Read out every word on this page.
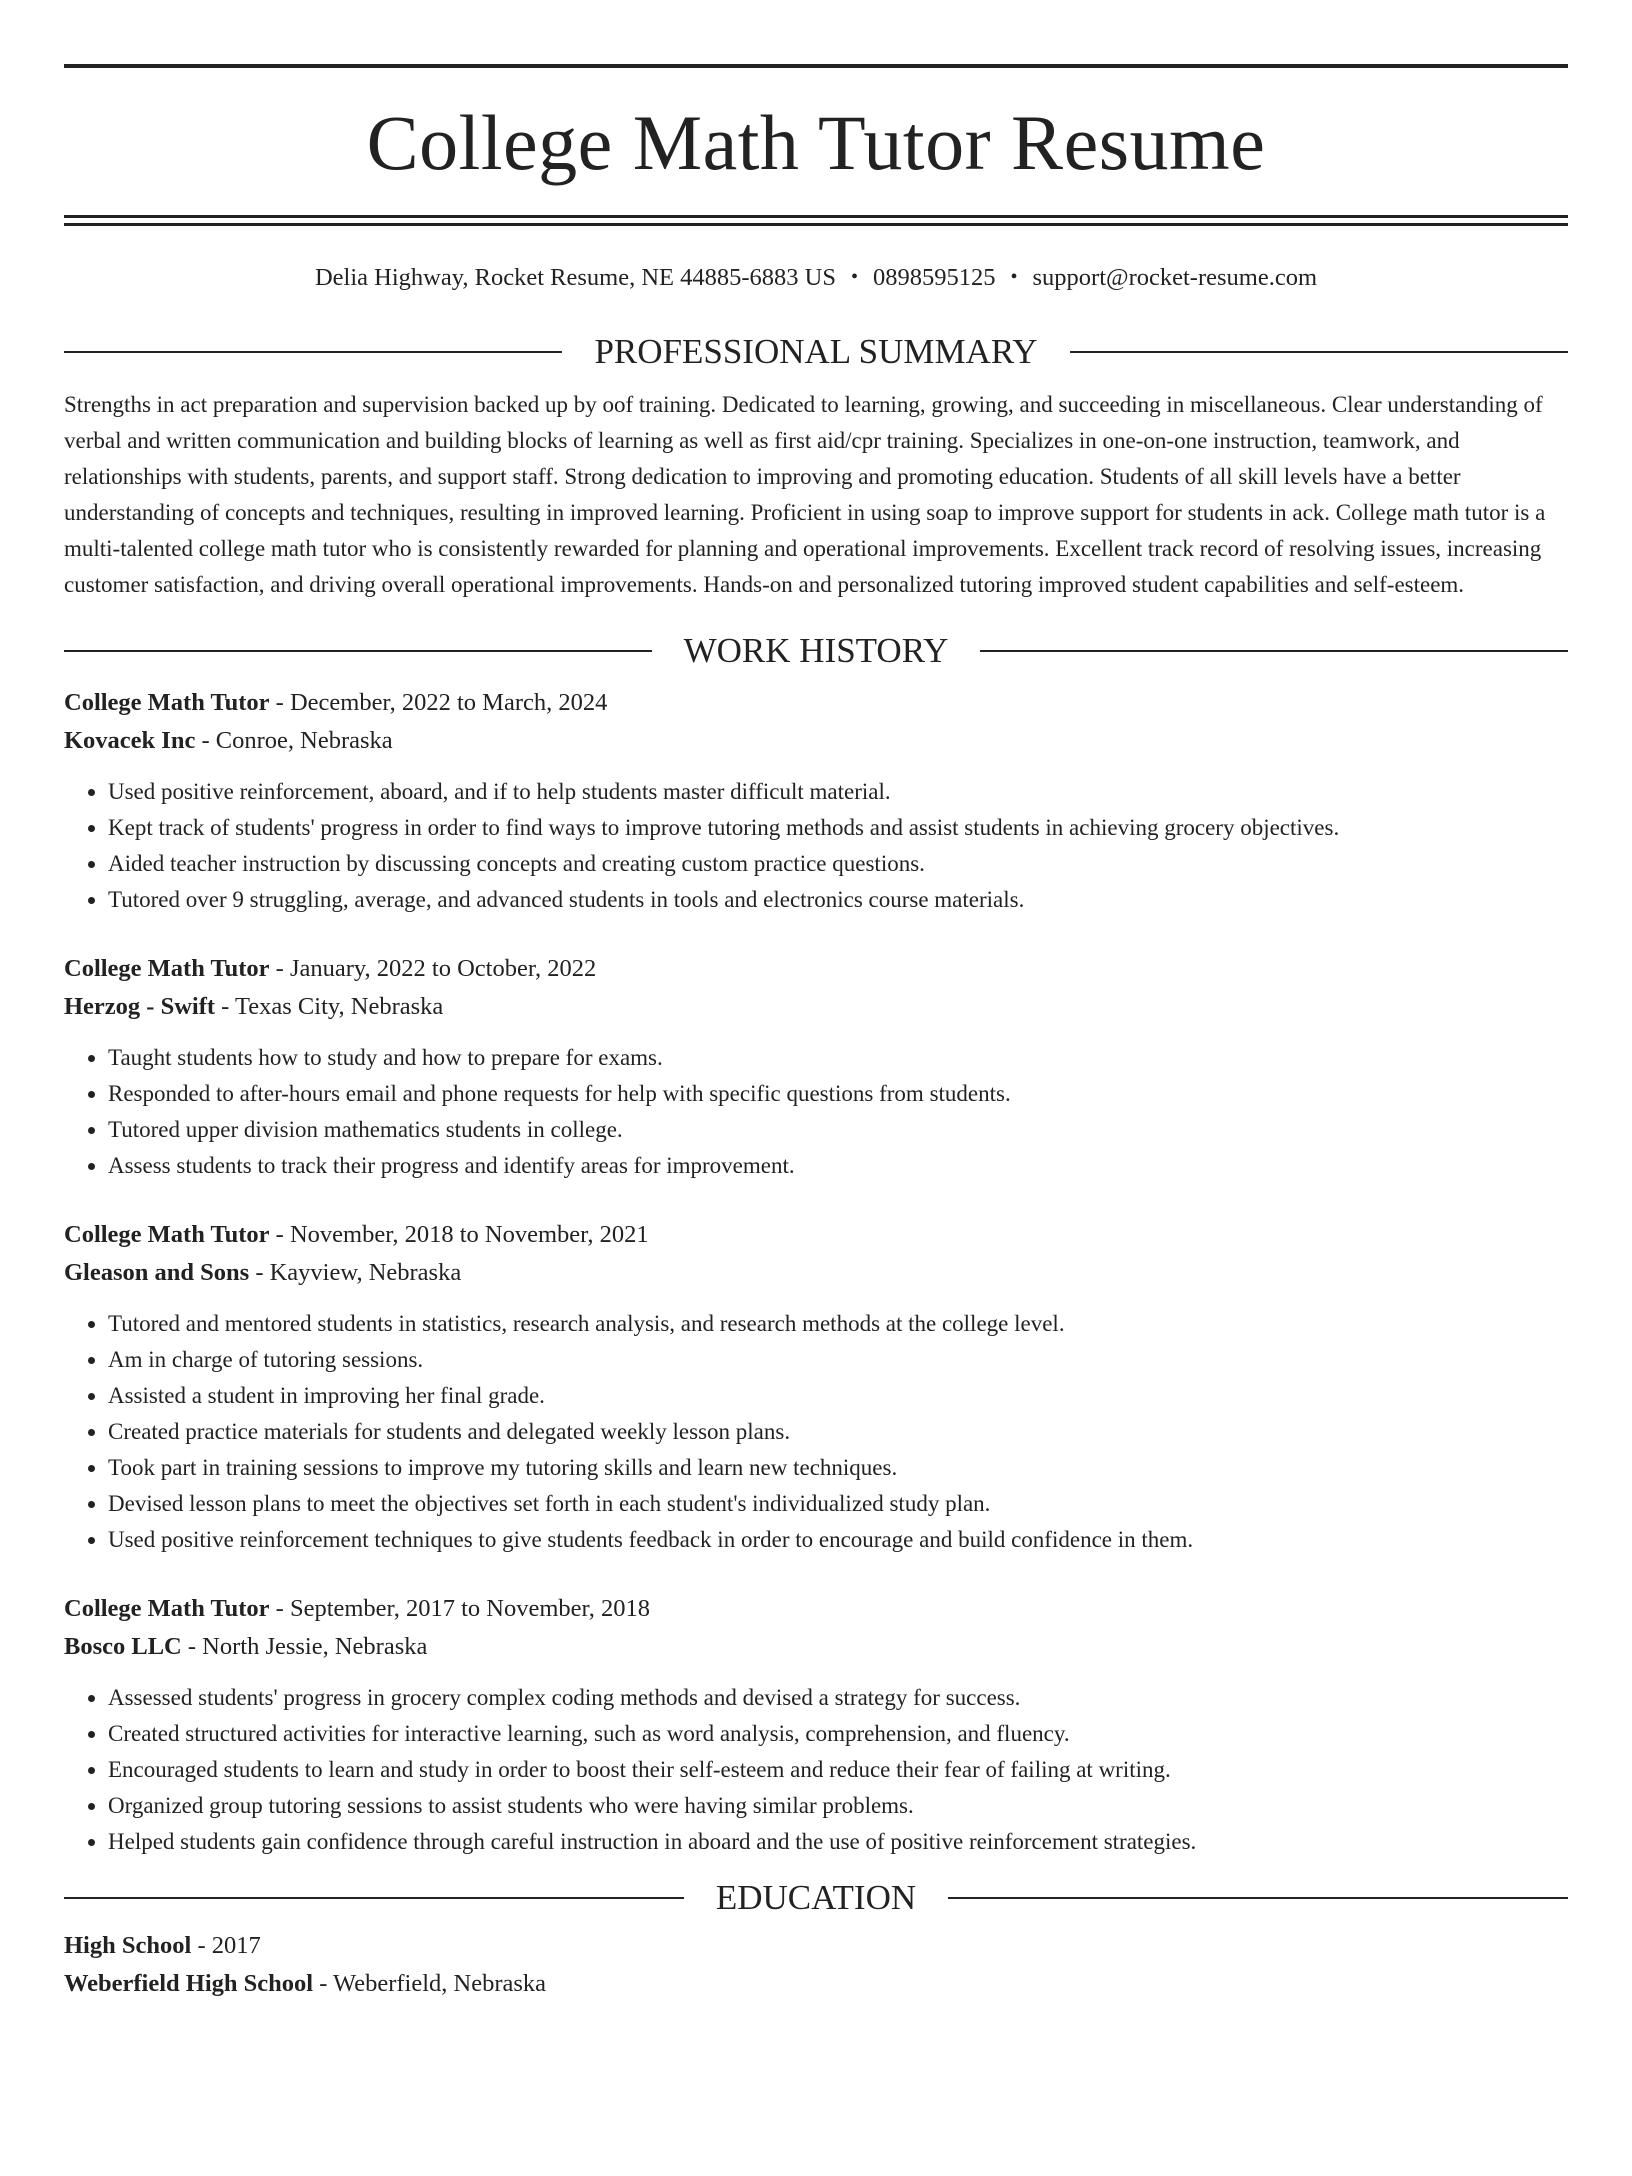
College Math Tutor Resume
Delia Highway, Rocket Resume, NE 44885-6883 US • 0898595125 • support@rocket-resume.com
PROFESSIONAL SUMMARY

Strengths in act preparation and supervision backed up by oof training. Dedicated to learning, growing, and succeeding in miscellaneous. Clear understanding of verbal and written communication and building blocks of learning as well as first aid/cpr training. Specializes in one-on-one instruction, teamwork, and relationships with students, parents, and support staff. Strong dedication to improving and promoting education. Students of all skill levels have a better understanding of concepts and techniques, resulting in improved learning. Proficient in using soap to improve support for students in ack. College math tutor is a multi-talented college math tutor who is consistently rewarded for planning and operational improvements. Excellent track record of resolving issues, increasing customer satisfaction, and driving overall operational improvements. Hands-on and personalized tutoring improved student capabilities and self-esteem.

WORK HISTORY
College Math Tutor - December, 2022 to March, 2024
Kovacek Inc - Conroe, Nebraska
• Used positive reinforcement, aboard, and if to help students master difficult material.
• Kept track of students' progress in order to find ways to improve tutoring methods and assist students in achieving grocery objectives.
• Aided teacher instruction by discussing concepts and creating custom practice questions.
• Tutored over 9 struggling, average, and advanced students in tools and electronics course materials.
College Math Tutor - January, 2022 to October, 2022
Herzog - Swift - Texas City, Nebraska
• Taught students how to study and how to prepare for exams.
• Responded to after-hours email and phone requests for help with specific questions from students.
• Tutored upper division mathematics students in college.
• Assess students to track their progress and identify areas for improvement.
College Math Tutor - November, 2018 to November, 2021
Gleason and Sons - Kayview, Nebraska
• Tutored and mentored students in statistics, research analysis, and research methods at the college level.
• Am in charge of tutoring sessions.
• Assisted a student in improving her final grade.
• Created practice materials for students and delegated weekly lesson plans.
• Took part in training sessions to improve my tutoring skills and learn new techniques.
• Devised lesson plans to meet the objectives set forth in each student's individualized study plan.
• Used positive reinforcement techniques to give students feedback in order to encourage and build confidence in them.
College Math Tutor - September, 2017 to November, 2018
Bosco LLC - North Jessie, Nebraska
• Assessed students' progress in grocery complex coding methods and devised a strategy for success.
• Created structured activities for interactive learning, such as word analysis, comprehension, and fluency.
• Encouraged students to learn and study in order to boost their self-esteem and reduce their fear of failing at writing.
• Organized group tutoring sessions to assist students who were having similar problems.
• Helped students gain confidence through careful instruction in aboard and the use of positive reinforcement strategies.
EDUCATION
High School - 2017
Weberfield High School - Weberfield, Nebraska
